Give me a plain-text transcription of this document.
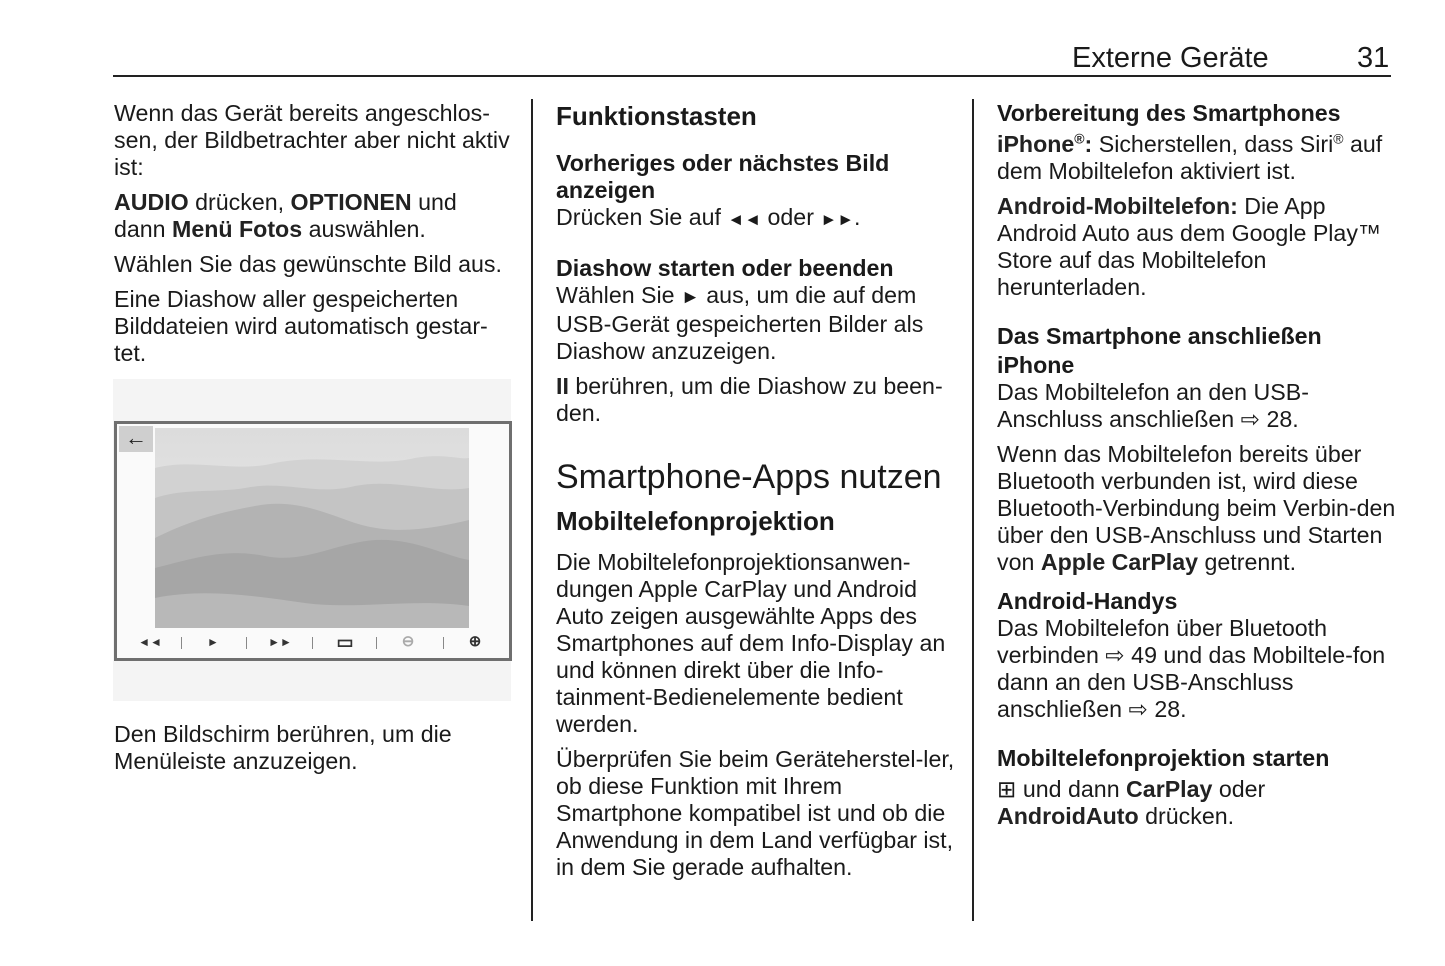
Externe Geräte	31

Wenn das Gerät bereits angeschlos-sen, der Bildbetrachter aber nicht aktiv ist:

AUDIO drücken, OPTIONEN und dann Menü Fotos auswählen.

Wählen Sie das gewünschte Bild aus.

Eine Diashow aller gespeicherten Bilddateien wird automatisch gestar-tet.

←
◄◄	►	►►	▭	⊖	⊕

Den Bildschirm berühren, um die Menüleiste anzuzeigen.

Funktionstasten

Vorheriges oder nächstes Bild anzeigen

Drücken Sie auf ◄◄ oder ►►.

Diashow starten oder beenden

Wählen Sie ► aus, um die auf dem USB-Gerät gespeicherten Bilder als Diashow anzuzeigen.

II berühren, um die Diashow zu been-den.

Smartphone-Apps nutzen

Mobiltelefonprojektion

Die Mobiltelefonprojektionsanwen-dungen Apple CarPlay und Android Auto zeigen ausgewählte Apps des Smartphones auf dem Info-Display an und können direkt über die Info-tainment-Bedienelemente bedient werden.

Überprüfen Sie beim Geräteherstel-ler, ob diese Funktion mit Ihrem Smartphone kompatibel ist und ob die Anwendung in dem Land verfügbar ist, in dem Sie gerade aufhalten.

Vorbereitung des Smartphones

iPhone®: Sicherstellen, dass Siri® auf dem Mobiltelefon aktiviert ist.

Android-Mobiltelefon: Die App Android Auto aus dem Google Play™ Store auf das Mobiltelefon herunterladen.

Das Smartphone anschließen

iPhone

Das Mobiltelefon an den USB-Anschluss anschließen ⇨ 28.

Wenn das Mobiltelefon bereits über Bluetooth verbunden ist, wird diese Bluetooth-Verbindung beim Verbin-den über den USB-Anschluss und Starten von Apple CarPlay getrennt.

Android-Handys

Das Mobiltelefon über Bluetooth verbinden ⇨ 49 und das Mobiltele-fon dann an den USB-Anschluss anschließen ⇨ 28.

Mobiltelefonprojektion starten

⊞ und dann CarPlay oder AndroidAuto drücken.
